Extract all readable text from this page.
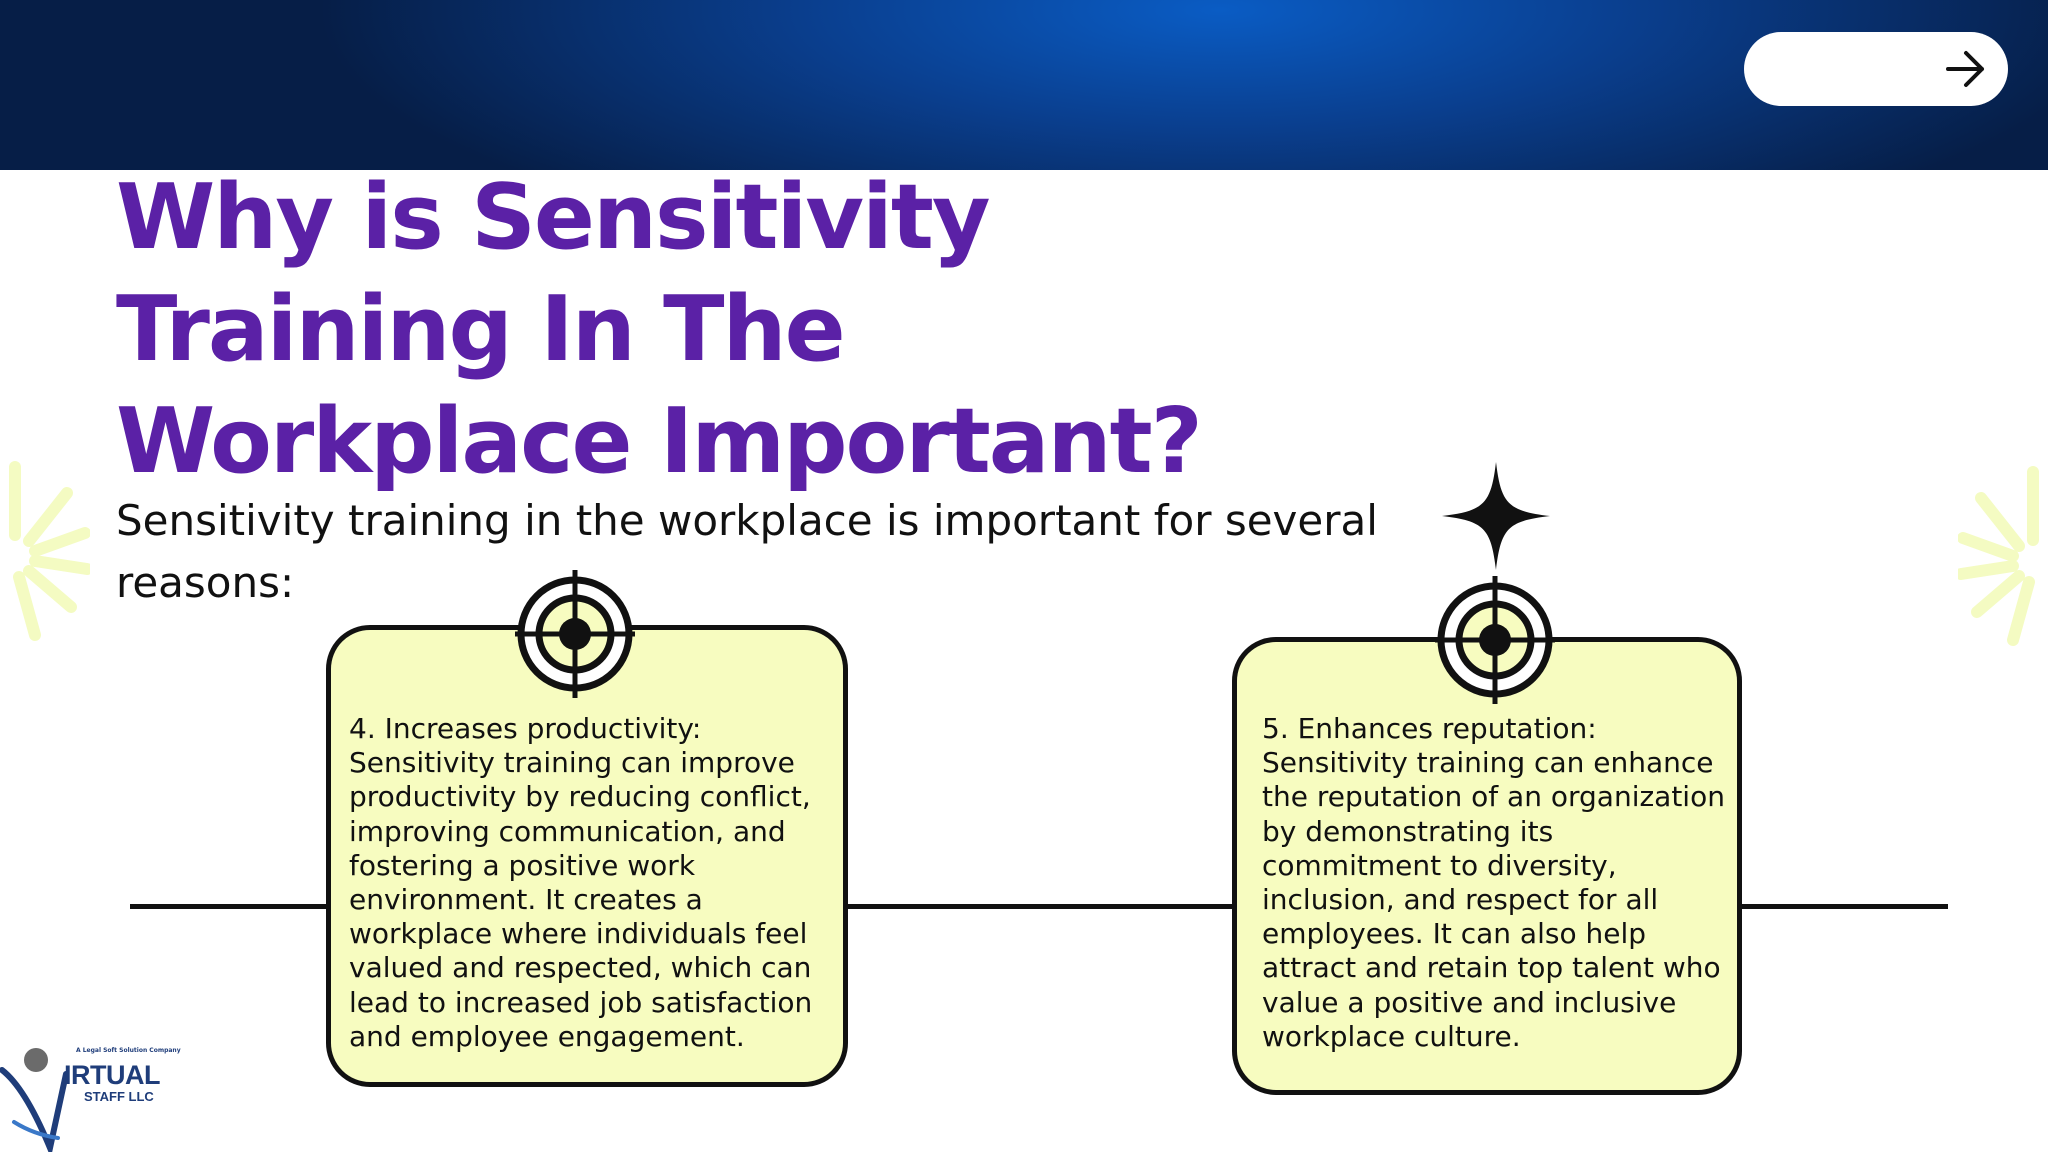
Why is Sensitivity
Training In The
Workplace Important?
Sensitivity training in the workplace is important for several
reasons:
4. Increases productivity:
Sensitivity training can improve
productivity by reducing conflict,
improving communication, and
fostering a positive work
environment. It creates a
workplace where individuals feel
valued and respected, which can
lead to increased job satisfaction
and employee engagement.
5. Enhances reputation:
Sensitivity training can enhance
the reputation of an organization
by demonstrating its
commitment to diversity,
inclusion, and respect for all
employees. It can also help
attract and retain top talent who
value a positive and inclusive
workplace culture.
A Legal Soft Solution Company
IRTUAL
STAFF LLC
